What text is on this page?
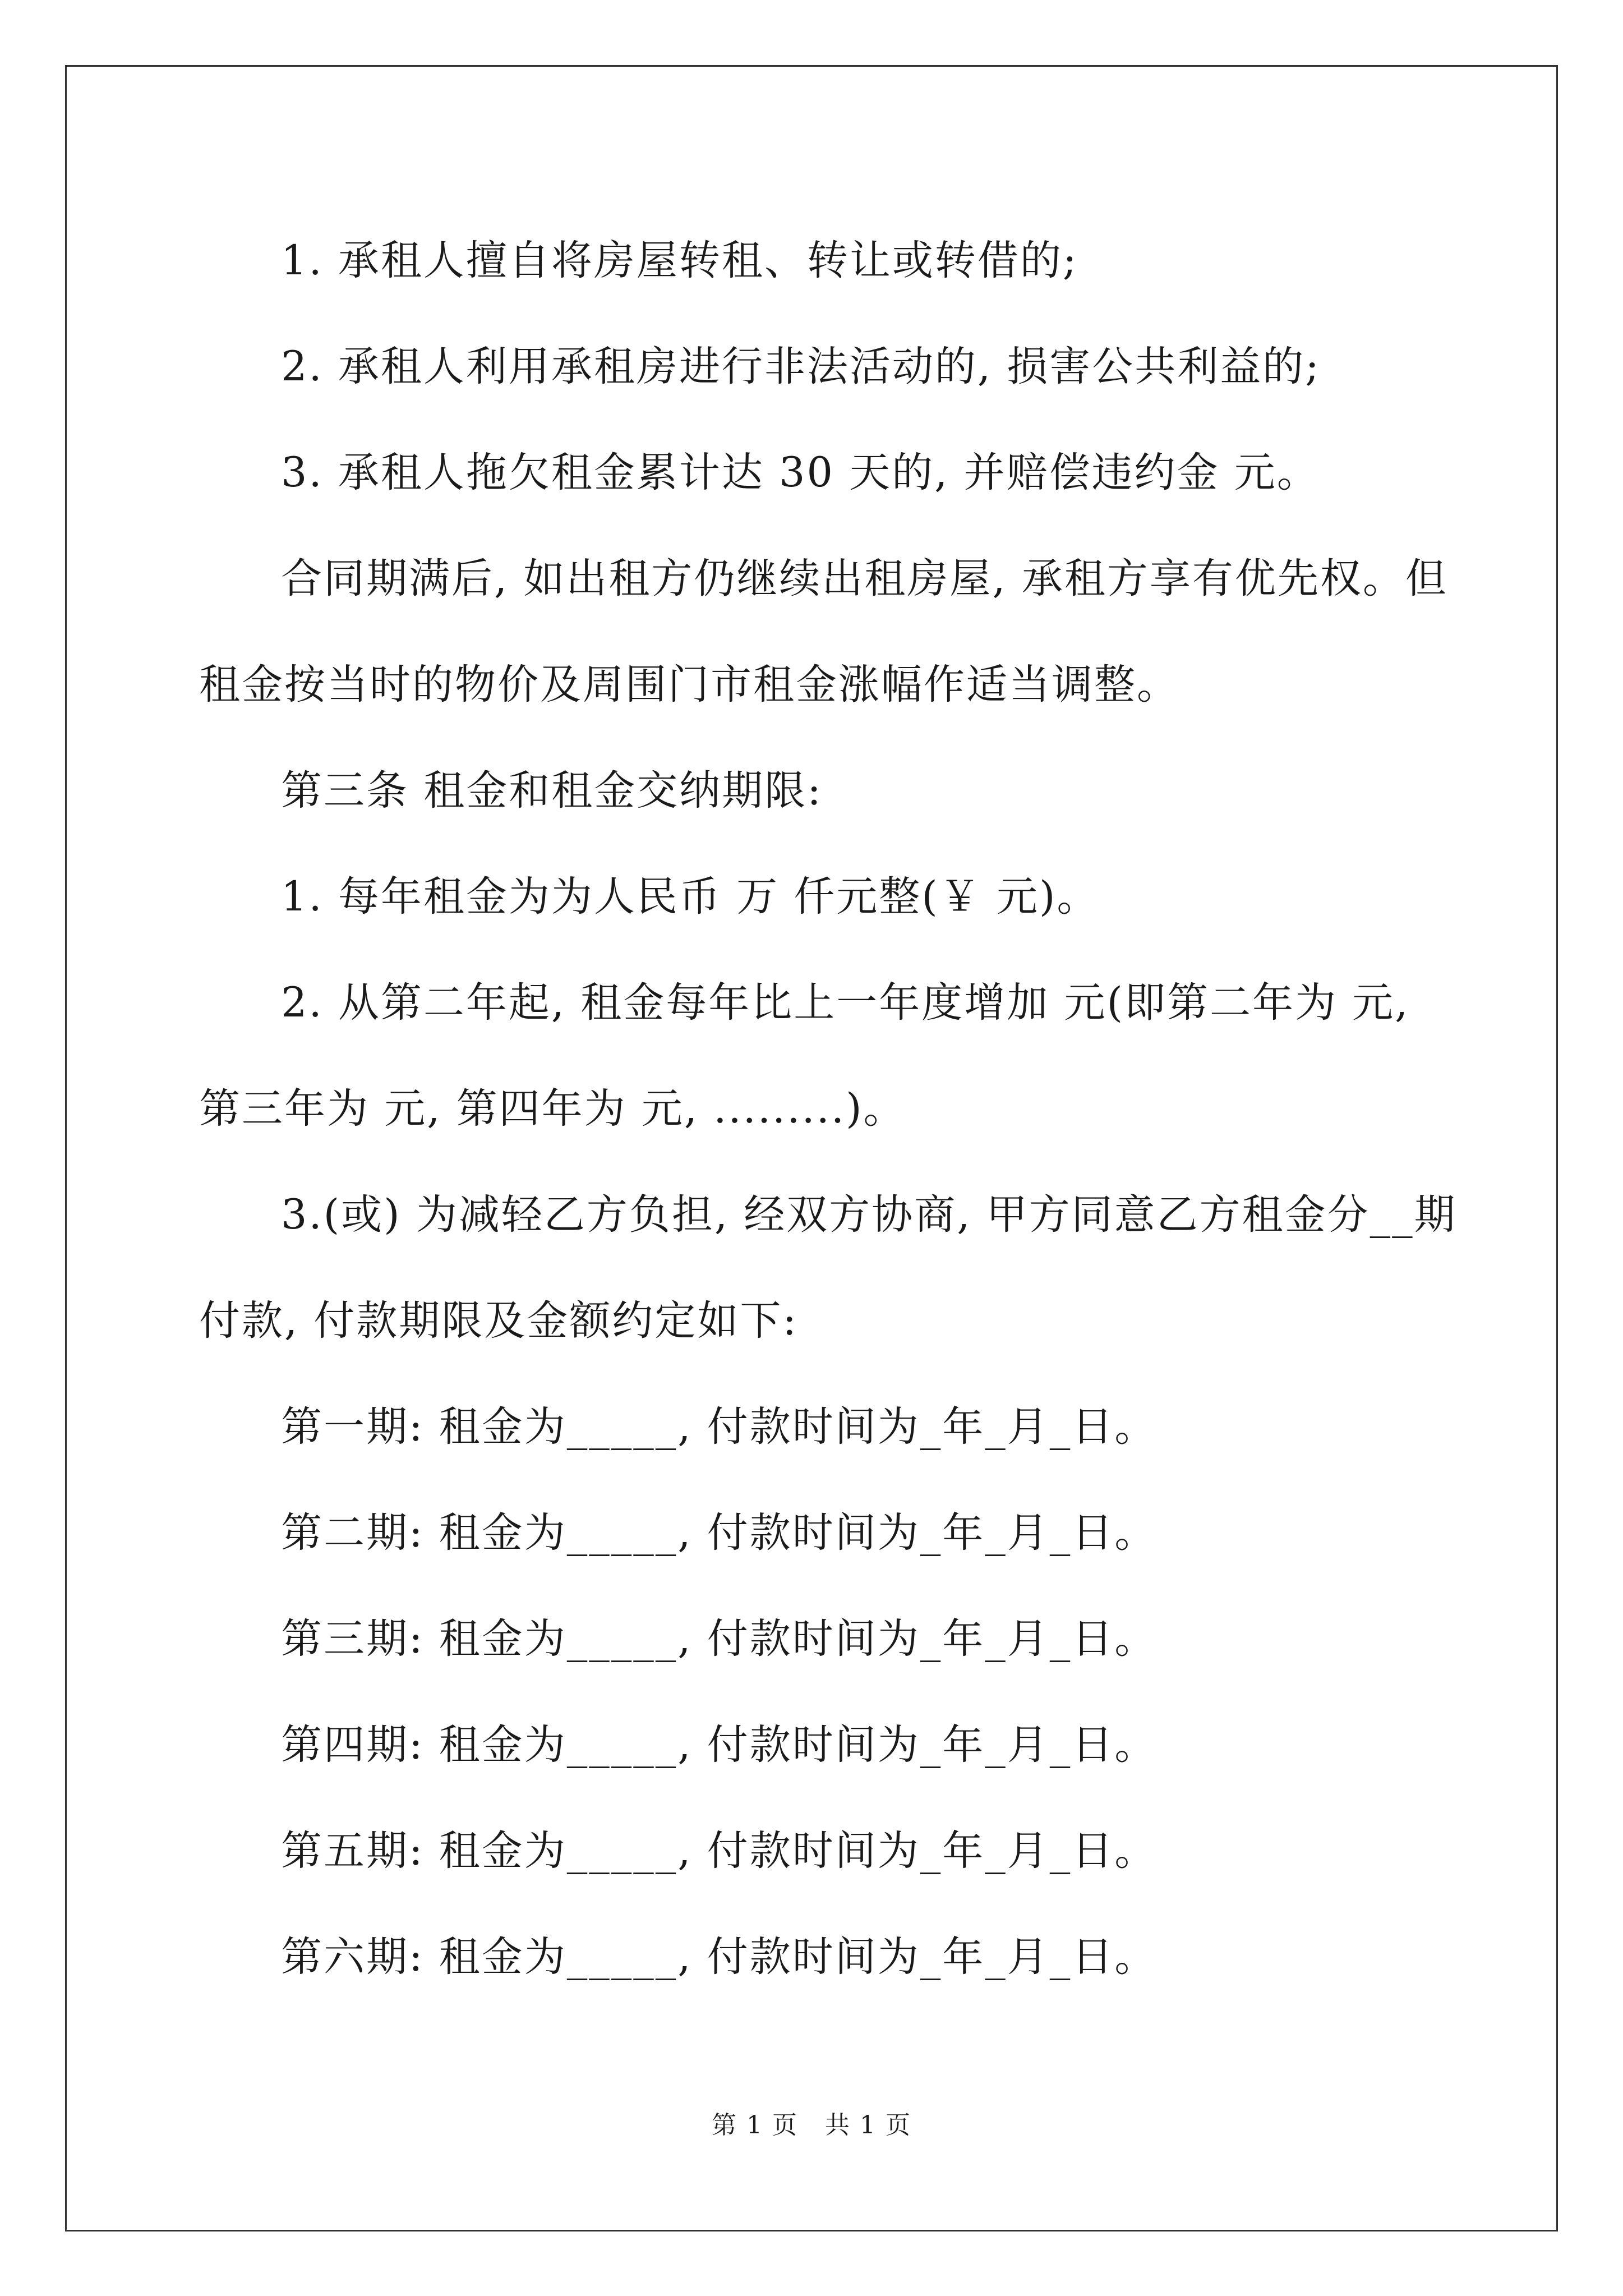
1. 承租人擅自将房屋转租、转让或转借的;

2. 承租人利用承租房进行非法活动的, 损害公共利益的;

3. 承租人拖欠租金累计达 30 天的, 并赔偿违约金 元。

合同期满后, 如出租方仍继续出租房屋, 承租方享有优先权。但

租金按当时的物价及周围门市租金涨幅作适当调整。

第三条 租金和租金交纳期限:

1. 每年租金为为人民币 万 仟元整(￥ 元)。

2. 从第二年起, 租金每年比上一年度增加 元(即第二年为 元,

第三年为 元, 第四年为 元, .........)。

3.(或) 为减轻乙方负担, 经双方协商, 甲方同意乙方租金分__期

付款, 付款期限及金额约定如下:

第一期: 租金为_____, 付款时间为_年_月_日。

第二期: 租金为_____, 付款时间为_年_月_日。

第三期: 租金为_____, 付款时间为_年_月_日。

第四期: 租金为_____, 付款时间为_年_月_日。

第五期: 租金为_____, 付款时间为_年_月_日。

第六期: 租金为_____, 付款时间为_年_月_日。

第 1 页   共 1 页
